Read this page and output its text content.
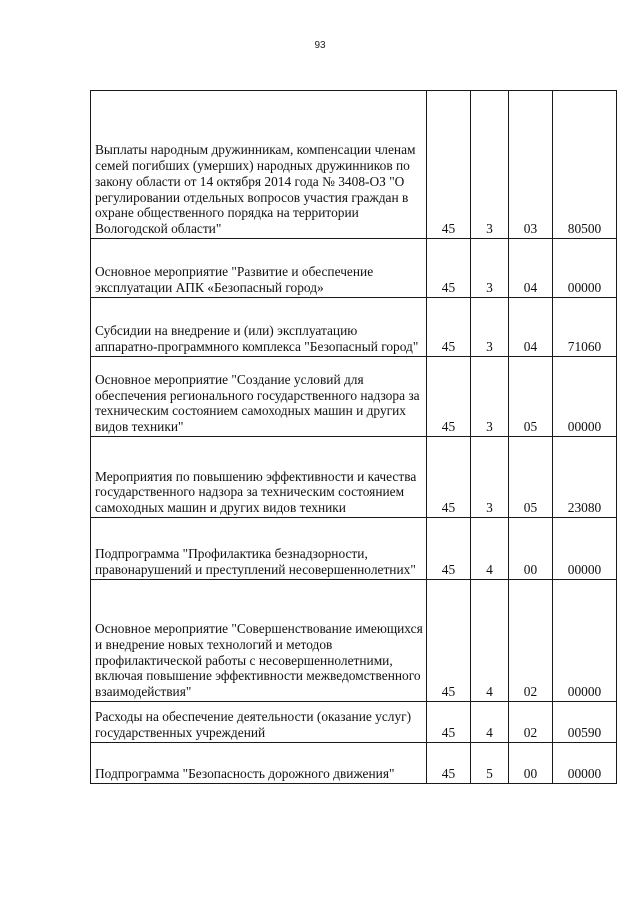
93
Выплаты народным дружинникам, компенсации членам семей погибших (умерших) народных дружинников по закону области от 14 октября 2014 года № 3408-ОЗ "О регулировании отдельных вопросов участия граждан в охране общественного порядка на территории Вологодской области"	45	3	03	80500
Основное мероприятие "Развитие и обеспечение эксплуатации АПК «Безопасный город»	45	3	04	00000
Субсидии на внедрение и (или) эксплуатацию аппаратно-программного комплекса "Безопасный город"	45	3	04	71060
Основное мероприятие "Создание условий для обеспечения регионального государственного надзора за техническим состоянием самоходных машин и других видов техники"	45	3	05	00000
Мероприятия по повышению эффективности и качества государственного надзора за техническим состоянием самоходных машин и других видов техники	45	3	05	23080
Подпрограмма "Профилактика безнадзорности, правонарушений и преступлений несовершеннолетних"	45	4	00	00000
Основное мероприятие "Совершенствование имеющихся и внедрение новых технологий и методов профилактической работы с несовершеннолетними, включая повышение эффективности межведомственного взаимодействия"	45	4	02	00000
Расходы на обеспечение деятельности (оказание услуг) государственных учреждений	45	4	02	00590
Подпрограмма "Безопасность дорожного движения"	45	5	00	00000
